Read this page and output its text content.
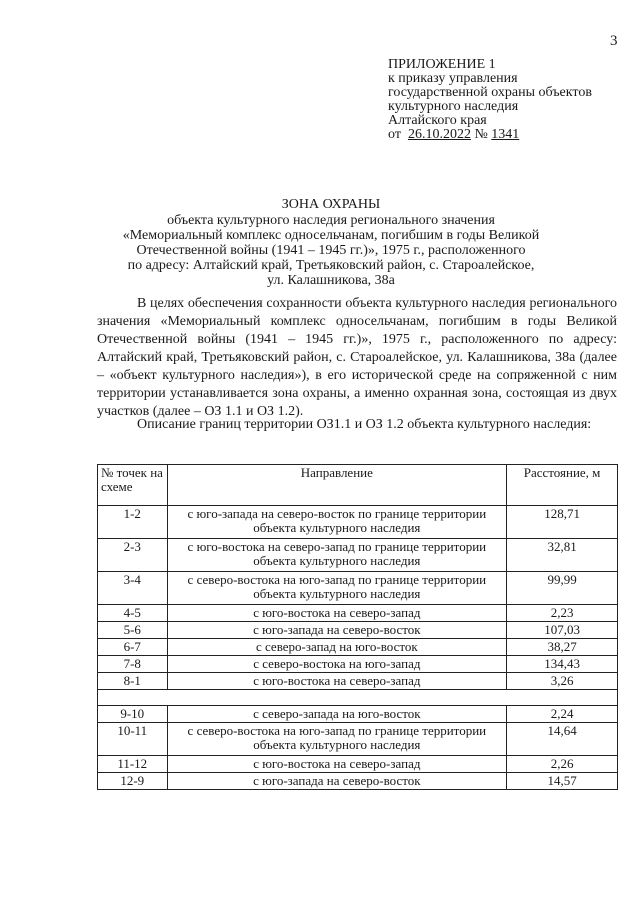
3
ПРИЛОЖЕНИЕ 1
к приказу управления
государственной охраны объектов
культурного наследия
Алтайского края
от 26.10.2022 № 1341
ЗОНА ОХРАНЫ
объекта культурного наследия регионального значения
«Мемориальный комплекс односельчанам, погибшим в годы Великой
Отечественной войны (1941 – 1945 гг.)», 1975 г., расположенного
по адресу: Алтайский край, Третьяковский район, с. Староалейское,
ул. Калашникова, 38а
В целях обеспечения сохранности объекта культурного наследия регионального значения «Мемориальный комплекс односельчанам, погибшим в годы Великой Отечественной войны (1941 – 1945 гг.)», 1975 г., расположенного по адресу: Алтайский край, Третьяковский район, с. Староалейское, ул. Калашникова, 38а (далее – «объект культурного наследия»), в его исторической среде на сопряженной с ним территории устанавливается зона охраны, а именно охранная зона, состоящая из двух участков (далее – ОЗ 1.1 и ОЗ 1.2).
Описание границ территории ОЗ1.1 и ОЗ 1.2 объекта культурного наследия:
№ точек на схеме	Направление	Расстояние, м
1-2	с юго-запада на северо-восток по границе территории объекта культурного наследия	128,71
2-3	с юго-востока на северо-запад по границе территории объекта культурного наследия	32,81
3-4	с северо-востока на юго-запад по границе территории объекта культурного наследия	99,99
4-5	с юго-востока на северо-запад	2,23
5-6	с юго-запада на северо-восток	107,03
6-7	с северо-запад на юго-восток	38,27
7-8	с северо-востока на юго-запад	134,43
8-1	с юго-востока на северо-запад	3,26

9-10	с северо-запада на юго-восток	2,24
10-11	с северо-востока на юго-запад по границе территории объекта культурного наследия	14,64
11-12	с юго-востока на северо-запад	2,26
12-9	с юго-запада на северо-восток	14,57
